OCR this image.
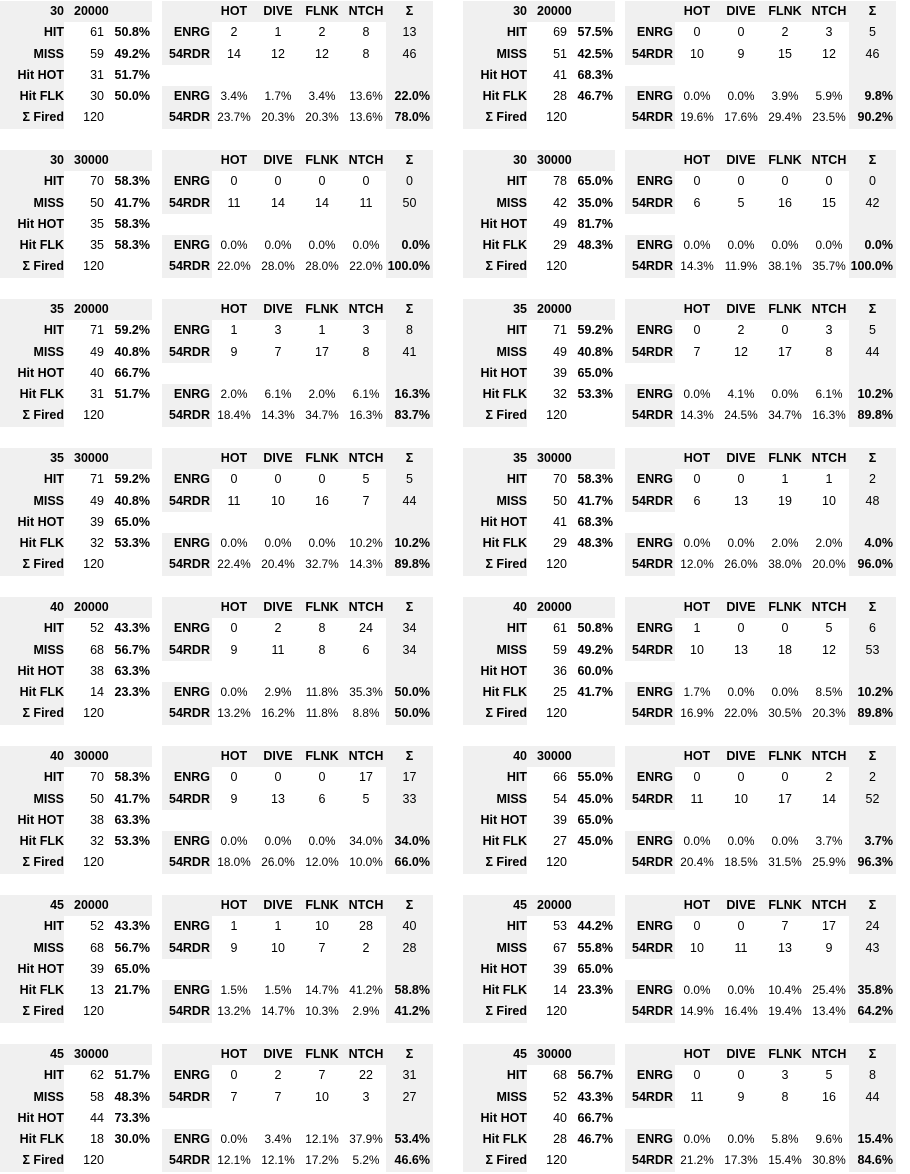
30 20000
HIT	61 50.8%
MISS	59 49.2%
Hit HOT	31 51.7%
Hit FLK	30 50.0%
Σ Fired	120
HOT	DIVE	FLNK NTCH	Σ
ENRG	2	1	2	8	13
54RDR	14	12	12	8	46
ENRG 3.4%	1.7%	3.4%	13.6% 22.0%
54RDR 23.7% 20.3% 20.3% 13.6% 78.0%
30 20000
HIT	69 57.5%
MISS	51 42.5%
Hit HOT	41 68.3%
Hit FLK	28 46.7%
Σ Fired	120
HOT	DIVE	FLNK NTCH	Σ
ENRG	0	0	2	3	5
54RDR	10	9	15	12	46
ENRG 0.0%	0.0%	3.9%	5.9%	9.8%
54RDR 19.6% 17.6% 29.4% 23.5% 90.2%
30 30000
HIT	70 58.3%
MISS	50 41.7%
Hit HOT	35 58.3%
Hit FLK	35 58.3%
Σ Fired	120
HOT	DIVE	FLNK NTCH	Σ
ENRG	0	0	0	0	0
54RDR	11	14	14	11	50
ENRG 0.0%	0.0%	0.0%	0.0%	0.0%
54RDR 22.0% 28.0% 28.0% 22.0% 100.0%
30 30000
HIT	78 65.0%
MISS	42 35.0%
Hit HOT	49 81.7%
Hit FLK	29 48.3%
Σ Fired	120
HOT	DIVE	FLNK NTCH	Σ
ENRG	0	0	0	0	0
54RDR	6	5	16	15	42
ENRG 0.0%	0.0%	0.0%	0.0%	0.0%
54RDR 14.3% 11.9% 38.1% 35.7% 100.0%
35 20000
HIT	71 59.2%
MISS	49 40.8%
Hit HOT	40 66.7%
Hit FLK	31 51.7%
Σ Fired	120
HOT	DIVE	FLNK NTCH	Σ
ENRG	1	3	1	3	8
54RDR	9	7	17	8	41
ENRG 2.0%	6.1%	2.0%	6.1%	16.3%
54RDR 18.4% 14.3% 34.7% 16.3% 83.7%
35 20000
HIT	71 59.2%
MISS	49 40.8%
Hit HOT	39 65.0%
Hit FLK	32 53.3%
Σ Fired	120
HOT	DIVE	FLNK NTCH	Σ
ENRG	0	2	0	3	5
54RDR	7	12	17	8	44
ENRG 0.0%	4.1%	0.0%	6.1%	10.2%
54RDR 14.3% 24.5% 34.7% 16.3% 89.8%
35 30000
HIT	71 59.2%
MISS	49 40.8%
Hit HOT	39 65.0%
Hit FLK	32 53.3%
Σ Fired	120
HOT	DIVE	FLNK NTCH	Σ
ENRG	0	0	0	5	5
54RDR	11	10	16	7	44
ENRG 0.0%	0.0%	0.0%	10.2% 10.2%
54RDR 22.4% 20.4% 32.7% 14.3% 89.8%
35 30000
HIT	70 58.3%
MISS	50 41.7%
Hit HOT	41 68.3%
Hit FLK	29 48.3%
Σ Fired	120
HOT	DIVE	FLNK NTCH	Σ
ENRG	0	0	1	1	2
54RDR	6	13	19	10	48
ENRG 0.0%	0.0%	2.0%	2.0%	4.0%
54RDR 12.0% 26.0% 38.0% 20.0% 96.0%
40 20000
HIT	52 43.3%
MISS	68 56.7%
Hit HOT	38 63.3%
Hit FLK	14 23.3%
Σ Fired	120
HOT	DIVE	FLNK NTCH	Σ
ENRG	0	2	8	24	34
54RDR	9	11	8	6	34
ENRG 0.0%	2.9%	11.8% 35.3% 50.0%
54RDR 13.2% 16.2% 11.8%	8.8%	50.0%
40 20000
HIT	61 50.8%
MISS	59 49.2%
Hit HOT	36 60.0%
Hit FLK	25 41.7%
Σ Fired	120
HOT	DIVE	FLNK NTCH	Σ
ENRG	1	0	0	5	6
54RDR	10	13	18	12	53
ENRG 1.7%	0.0%	0.0%	8.5%	10.2%
54RDR 16.9% 22.0% 30.5% 20.3% 89.8%
40 30000
HIT	70 58.3%
MISS	50 41.7%
Hit HOT	38 63.3%
Hit FLK	32 53.3%
Σ Fired	120
HOT	DIVE	FLNK NTCH	Σ
ENRG	0	0	0	17	17
54RDR	9	13	6	5	33
ENRG 0.0%	0.0%	0.0%	34.0% 34.0%
54RDR 18.0% 26.0% 12.0% 10.0% 66.0%
40 30000
HIT	66 55.0%
MISS	54 45.0%
Hit HOT	39 65.0%
Hit FLK	27 45.0%
Σ Fired	120
HOT	DIVE	FLNK NTCH	Σ
ENRG	0	0	0	2	2
54RDR	11	10	17	14	52
ENRG 0.0%	0.0%	0.0%	3.7%	3.7%
54RDR 20.4% 18.5% 31.5% 25.9% 96.3%
45 20000
HIT	52 43.3%
MISS	68 56.7%
Hit HOT	39 65.0%
Hit FLK	13 21.7%
Σ Fired	120
HOT	DIVE	FLNK NTCH	Σ
ENRG	1	1	10	28	40
54RDR	9	10	7	2	28
ENRG 1.5%	1.5%	14.7% 41.2% 58.8%
54RDR 13.2% 14.7% 10.3%	2.9%	41.2%
45 20000
HIT	53 44.2%
MISS	67 55.8%
Hit HOT	39 65.0%
Hit FLK	14 23.3%
Σ Fired	120
HOT	DIVE	FLNK NTCH	Σ
ENRG	0	0	7	17	24
54RDR	10	11	13	9	43
ENRG 0.0%	0.0%	10.4% 25.4% 35.8%
54RDR 14.9% 16.4% 19.4% 13.4% 64.2%
45 30000
HIT	62 51.7%
MISS	58 48.3%
Hit HOT	44 73.3%
Hit FLK	18 30.0%
Σ Fired	120
HOT	DIVE	FLNK NTCH	Σ
ENRG	0	2	7	22	31
54RDR	7	7	10	3	27
ENRG 0.0%	3.4%	12.1% 37.9% 53.4%
54RDR 12.1% 12.1% 17.2%	5.2%	46.6%
45 30000
HIT	68 56.7%
MISS	52 43.3%
Hit HOT	40 66.7%
Hit FLK	28 46.7%
Σ Fired	120
HOT	DIVE	FLNK NTCH	Σ
ENRG	0	0	3	5	8
54RDR	11	9	8	16	44
ENRG 0.0%	0.0%	5.8%	9.6%	15.4%
54RDR 21.2% 17.3% 15.4% 30.8% 84.6%
